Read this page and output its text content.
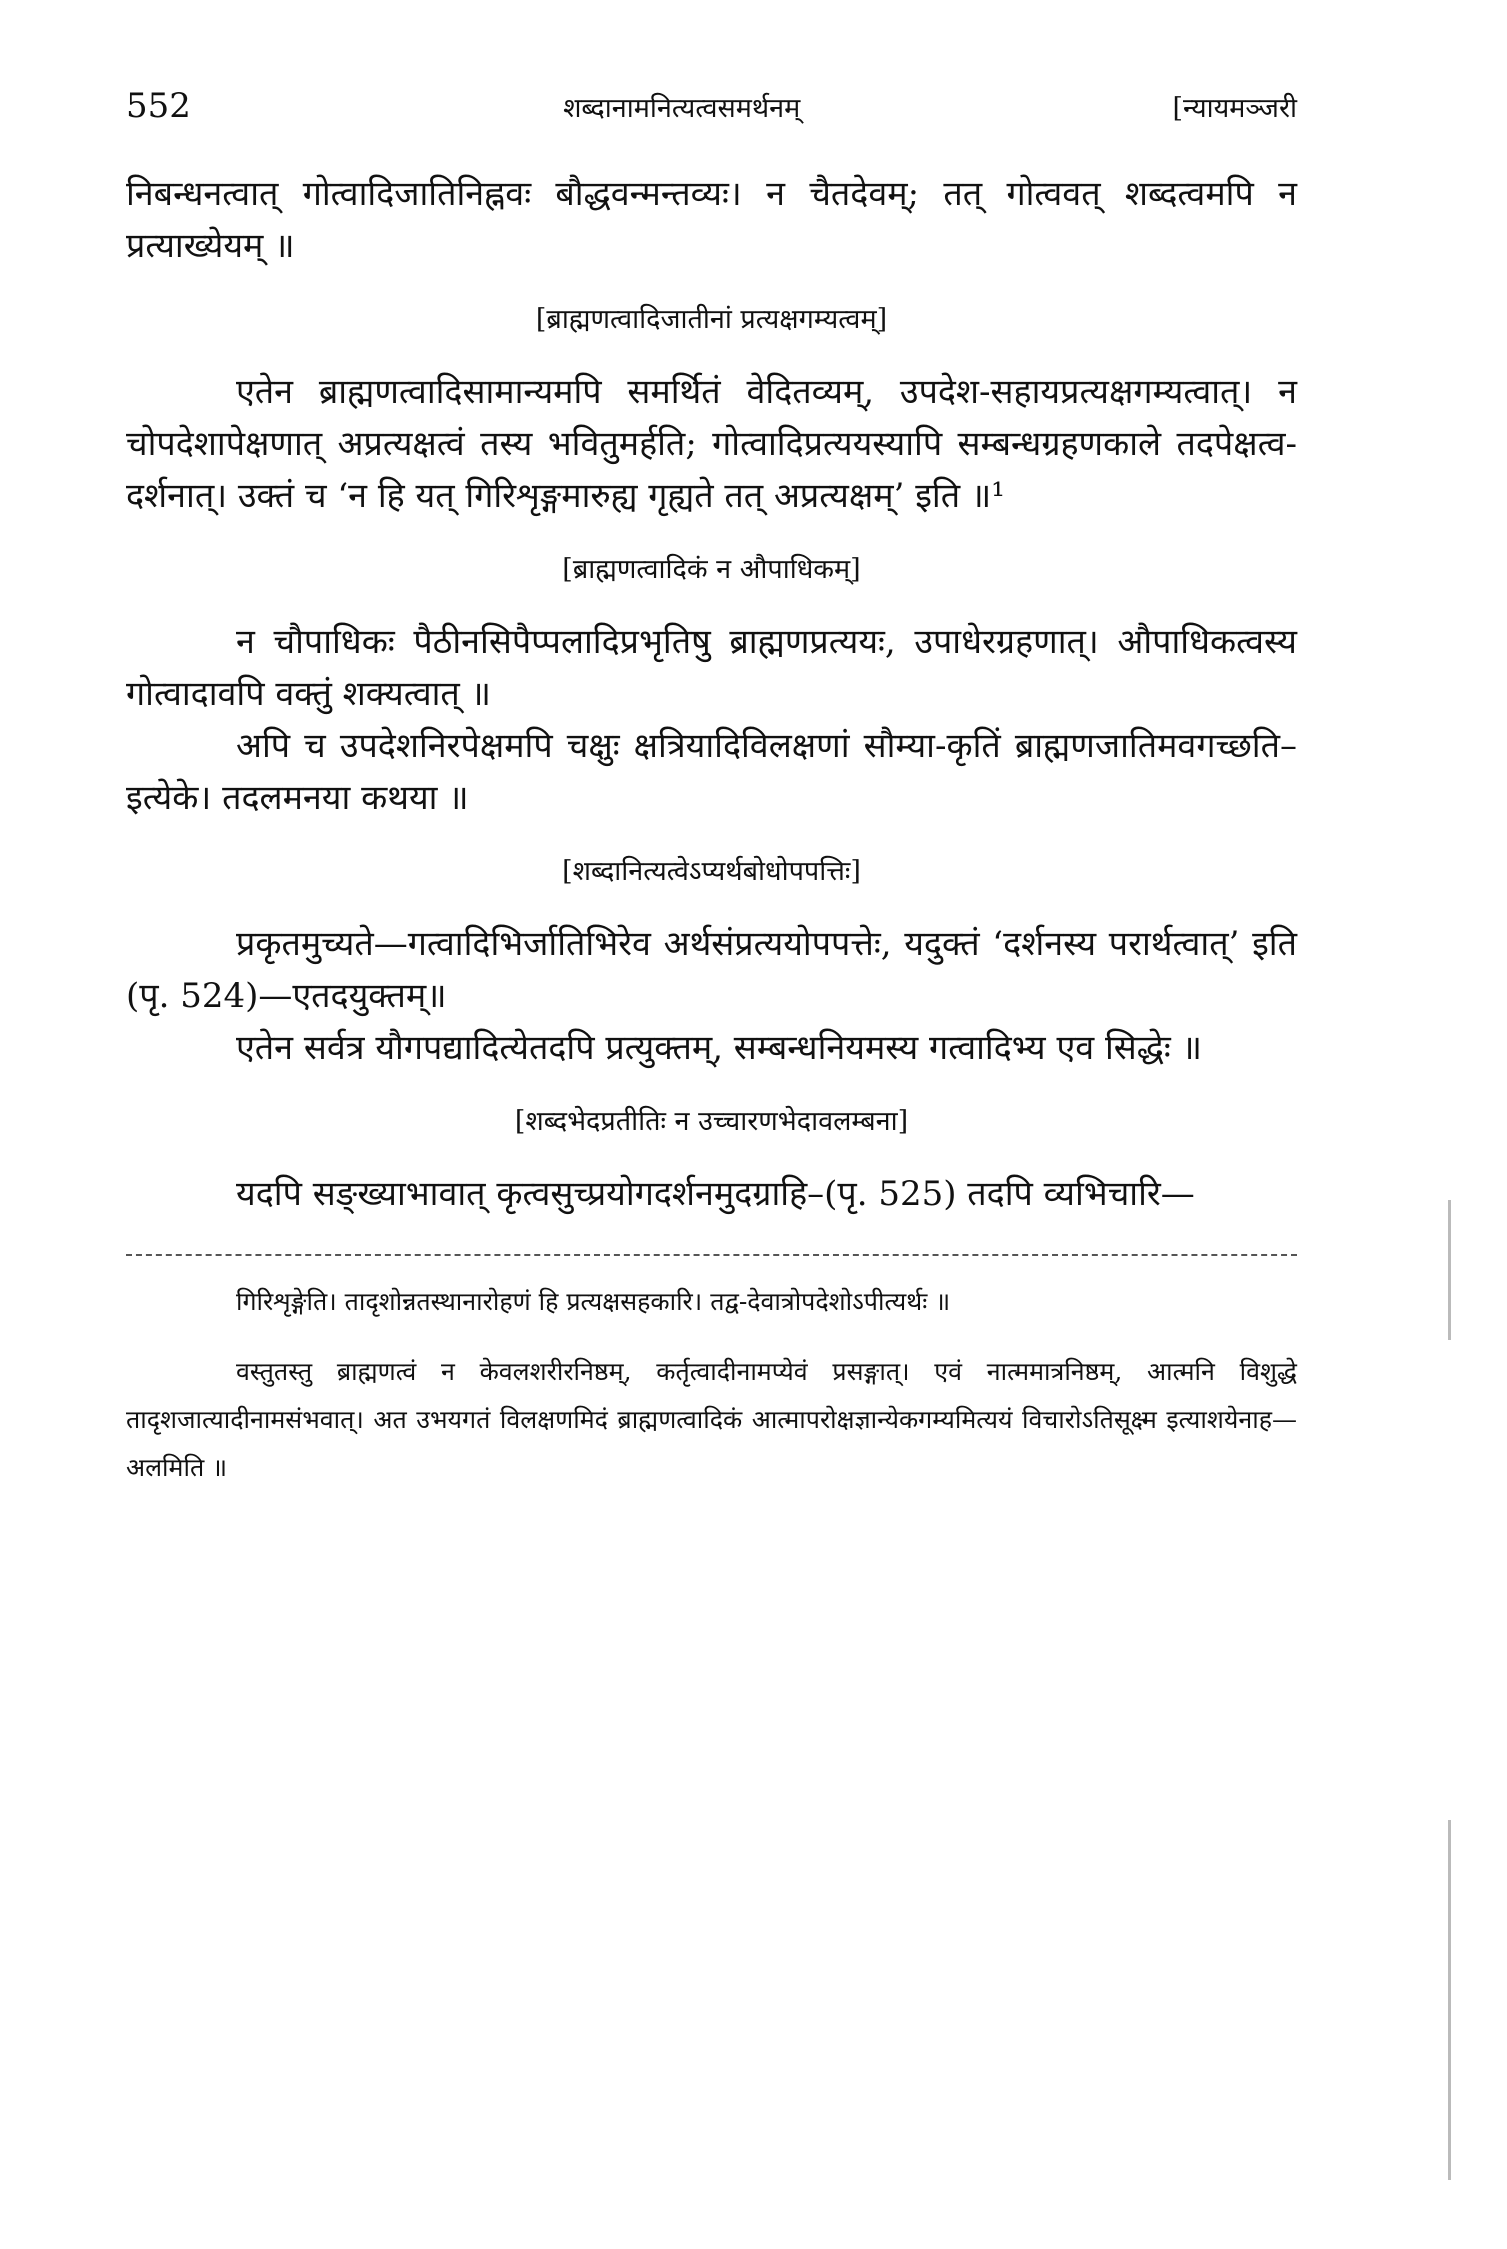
552	शब्दानामनित्यत्वसमर्थनम्	[न्यायमञ्जरी

निबन्धनत्वात् गोत्वादिजातिनिह्नवः बौद्धवन्मन्तव्यः। न चैतदेवम्; तत् गोत्ववत् शब्दत्वमपि न प्रत्याख्येयम् ॥

[ब्राह्मणत्वादिजातीनां प्रत्यक्षगम्यत्वम्]

एतेन ब्राह्मणत्वादिसामान्यमपि समर्थितं वेदितव्यम्, उपदेश-सहायप्रत्यक्षगम्यत्वात्। न चोपदेशापेक्षणात् अप्रत्यक्षत्वं तस्य भवितुमर्हति; गोत्वादिप्रत्ययस्यापि सम्बन्धग्रहणकाले तदपेक्षत्व-दर्शनात्। उक्तं च ‘न हि यत् गिरिशृङ्गमारुह्य गृह्यते तत् अप्रत्यक्षम्’ इति ॥¹

[ब्राह्मणत्वादिकं न औपाधिकम्]

न चौपाधिकः पैठीनसिपैप्पलादिप्रभृतिषु ब्राह्मणप्रत्ययः, उपाधेरग्रहणात्। औपाधिकत्वस्य गोत्वादावपि वक्तुं शक्यत्वात् ॥

अपि च उपदेशनिरपेक्षमपि चक्षुः क्षत्रियादिविलक्षणां सौम्या-कृतिं ब्राह्मणजातिमवगच्छति–इत्येके। तदलमनया कथया ॥

[शब्दानित्यत्वेऽप्यर्थबोधोपपत्तिः]

प्रकृतमुच्यते—गत्वादिभिर्जातिभिरेव अर्थसंप्रत्ययोपपत्तेः, यदुक्तं ‘दर्शनस्य परार्थत्वात्’ इति (पृ. 524)—एतदयुक्तम्॥

एतेन सर्वत्र यौगपद्यादित्येतदपि प्रत्युक्तम्, सम्बन्धनियमस्य गत्वादिभ्य एव सिद्धेः ॥

[शब्दभेदप्रतीतिः न उच्चारणभेदावलम्बना]

यदपि सङ्ख्याभावात् कृत्वसुच्प्रयोगदर्शनमुदग्राहि–(पृ. 525) तदपि व्यभिचारि—

गिरिशृङ्गेति। तादृशोन्नतस्थानारोहणं हि प्रत्यक्षसहकारि। तद्व-देवात्रोपदेशोऽपीत्यर्थः ॥

वस्तुतस्तु ब्राह्मणत्वं न केवलशरीरनिष्ठम्, कर्तृत्वादीनामप्येवं प्रसङ्गात्। एवं नात्ममात्रनिष्ठम्, आत्मनि विशुद्धे तादृशजात्यादीनामसंभवात्। अत उभयगतं विलक्षणमिदं ब्राह्मणत्वादिकं आत्मापरोक्षज्ञान्येकगम्यमित्ययं विचारोऽतिसूक्ष्म इत्याशयेनाह—अलमिति ॥
